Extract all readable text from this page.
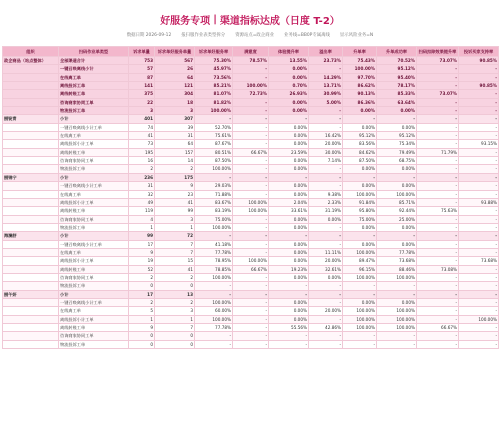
好服务专项 | 渠道指标达成（日度 T-2）
数据日期 2026-09-12 报扫服作业表类型拆分 资源站点=政企商业 业务线=BB0P专属离线 显示风险业务=N
组织	扫码作业单类型	诉求单量	诉求单好服务单量	诉求单好服务率	满意度	体验提升率	溢出率	升单率	升单成功率	扫码扣除效果提升率	投诉买家支持率
政企商品（站点整体）	全部渠道合计	753	567	75.30%	78.57%	13.55%	23.73%	75.43%	70.52%	73.07%	90.85%
	一键召唤离线小计	57	26	45.97%	-	0.00%	-	100.00%	95.12%	-	-
	在线离工单	87	64	73.56%	-	0.00%	14.29%	97.70%	95.40%	-	-
	离线投诉工单	141	121	85.21%	100.00%	0.70%	13.71%	86.62%	78.17%	-	90.85%
	离线转账工单	375	304	81.07%	72.73%	26.93%	30.99%	90.13%	85.33%	73.07%	-
	咨询商家协同工单	22	18	81.82%	-	0.00%	5.00%	86.36%	63.64%	-	-
	物流投诉工单	3	3	100.00%	-	0.00%	-	0.00%	0.00%	-	-
捌锭青	小计	401	307	-	-	-	-	-	-	-	-
	一键召唤离线小计工单	74	39	52.70%	-	0.00%	-	0.00%	0.00%	-	-
	在线离工单	41	31	75.61%	-	0.00%	16.42%	95.12%	95.12%	-	-
	离线投诉小计工单	73	64	87.67%	-	0.00%	20.00%	83.56%	75.34%	-	93.15%
	离线转账工单	195	157	80.51%	66.67%	23.59%	30.00%	84.62%	79.49%	71.79%	-
	咨询商家协同工单	16	14	87.50%	-	0.00%	7.14%	87.50%	68.75%	-	-
	物流投诉工单	2	2	100.00%	-	0.00%	-	0.00%	0.00%	-	-
捌锦宁	小计	236	175	-	-	-	-	-	-	-	-
	一键召唤离线小计工单	31	9	29.03%	-	0.00%	-	0.00%	0.00%	-	-
	在线离工单	32	23	71.88%	-	0.00%	9.38%	100.00%	100.00%	-	-
	离线投诉小计工单	49	41	83.67%	100.00%	2.04%	2.33%	91.84%	85.71%	-	93.88%
	离线转账工单	119	99	83.19%	100.00%	33.61%	31.19%	95.80%	92.44%	75.63%	-
	咨询商家协同工单	4	3	75.00%	-	0.00%	0.00%	75.00%	25.00%	-	-
	物流投诉工单	1	1	100.00%	-	0.00%	-	0.00%	0.00%	-	-
海澜舒	小计	99	72	-	-	-	-	-	-	-	-
	一键召唤离线小计工单	17	7	41.18%	-	0.00%	-	0.00%	0.00%	-	-
	在线离工单	9	7	77.78%	-	0.00%	11.11%	100.00%	77.78%	-	-
	离线投诉小计工单	19	15	78.95%	100.00%	0.00%	20.00%	89.47%	73.68%	-	73.68%
	离线转账工单	52	41	78.85%	66.67%	19.23%	32.61%	96.15%	88.46%	73.08%	-
	咨询商家协同工单	2	2	100.00%	-	0.00%	0.00%	100.00%	100.00%	-	-
	物流投诉工单	0	0	-	-	-	-	-	-	-	-
捌午妍	小计	17	13	-	-	-	-	-	-	-	-
	一键召唤离线小计工单	2	2	100.00%	-	0.00%	-	0.00%	0.00%	-	-
	在线离工单	5	3	60.00%	-	0.00%	20.00%	100.00%	100.00%	-	-
	离线投诉小计工单	1	1	100.00%	-	0.00%	-	100.00%	100.00%	-	100.00%
	离线转账工单	9	7	77.78%	-	55.56%	42.86%	100.00%	100.00%	66.67%	-
	咨询商家协同工单	0	0	-	-	-	-	-	-	-	-
	物流投诉工单	0	0	-	-	-	-	-	-	-	-
